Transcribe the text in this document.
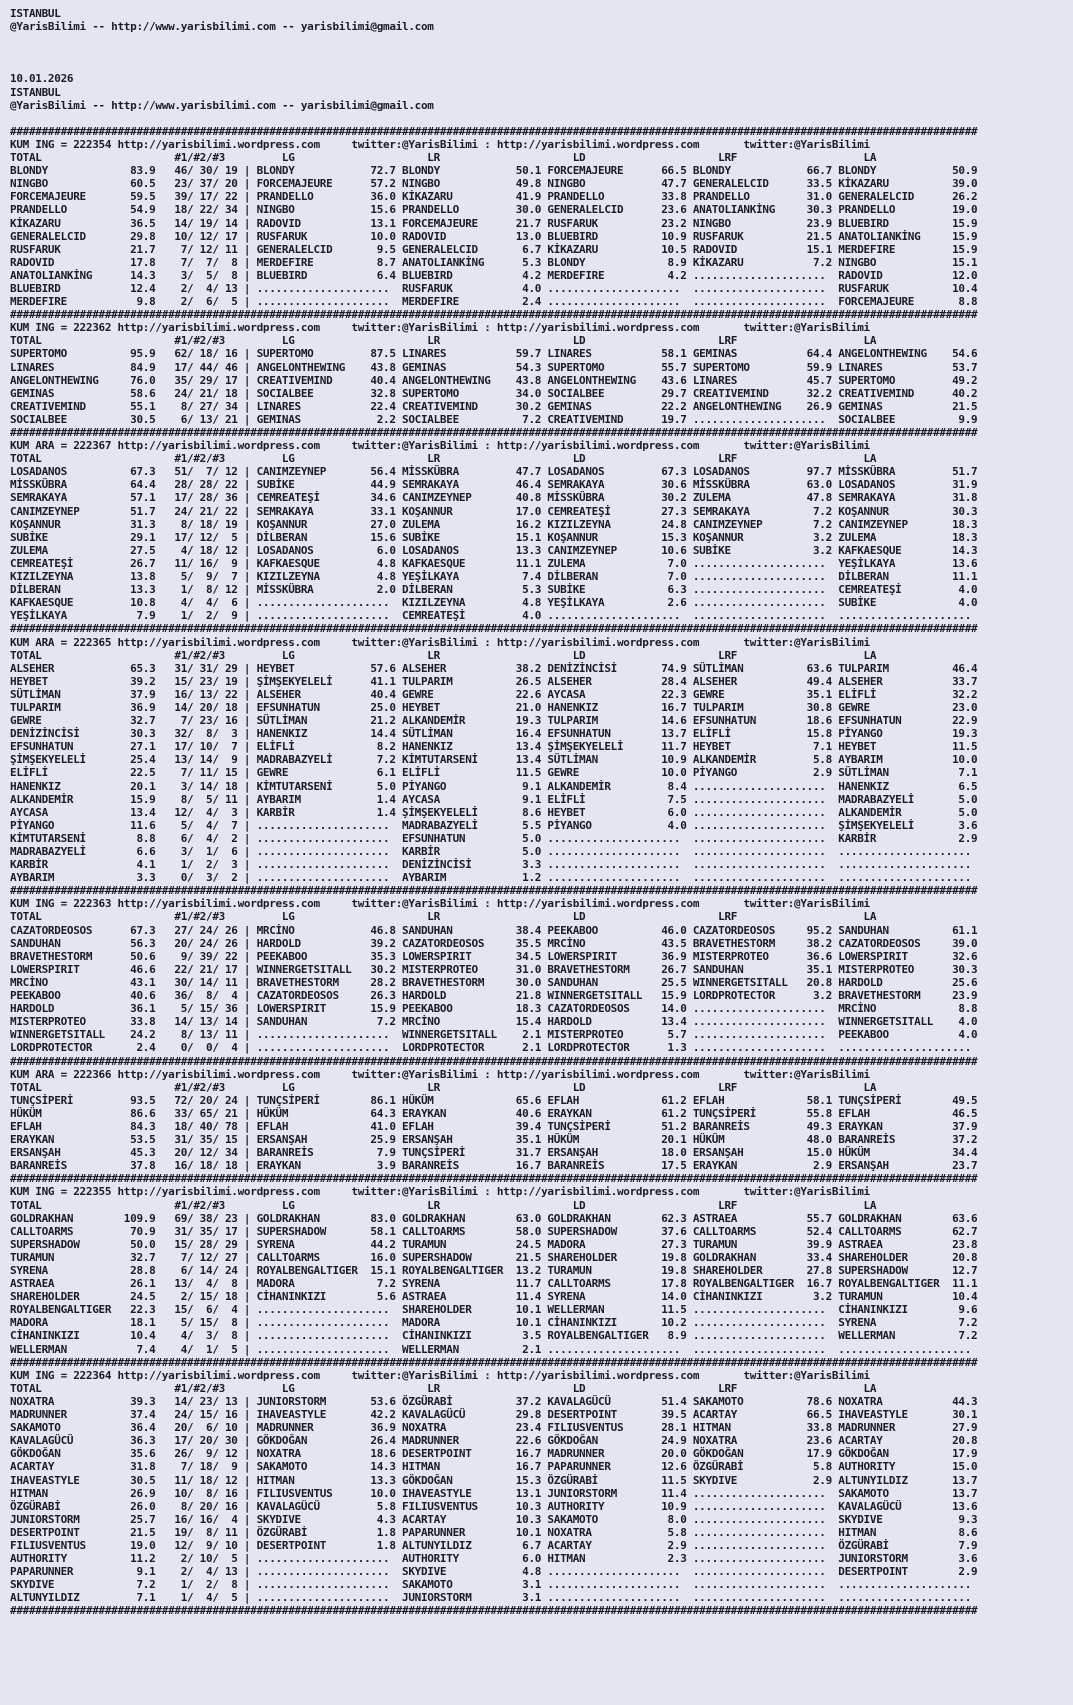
ISTANBUL
@YarisBilimi -- http://www.yarisbilimi.com -- yarisbilimi@gmail.com
10.01.2026
ISTANBUL
@YarisBilimi -- http://www.yarisbilimi.com -- yarisbilimi@gmail.com
#########################################################################################################################################################
KUM ING = 222354 http://yarisbilimi.wordpress.com     twitter:@YarisBilimi : http://yarisbilimi.wordpress.com       twitter:@YarisBilimi
TOTAL                     #1/#2/#3         LG                     LR                     LD                     LRF                    LA
BLONDY             83.9   46/ 30/ 19 | BLONDY            72.7 BLONDY            50.1 FORCEMAJEURE      66.5 BLONDY            66.7 BLONDY            50.9
NINGBO             60.5   23/ 37/ 20 | FORCEMAJEURE      57.2 NINGBO            49.8 NINGBO            47.7 GENERALELCID      33.5 KİKAZARU          39.0
FORCEMAJEURE       59.5   39/ 17/ 22 | PRANDELLO         36.0 KİKAZARU          41.9 PRANDELLO         33.8 PRANDELLO         31.0 GENERALELCID      26.2
PRANDELLO          54.9   18/ 22/ 34 | NINGBO            15.6 PRANDELLO         30.0 GENERALELCID      23.6 ANATOLIANKİNG     30.3 PRANDELLO         19.0
KİKAZARU           36.5   14/ 19/ 14 | RADOVID           13.1 FORCEMAJEURE      21.7 RUSFARUK          23.2 NINGBO            23.9 BLUEBIRD          15.9
GENERALELCID       29.8   10/ 12/ 17 | RUSFARUK          10.0 RADOVID           13.0 BLUEBIRD          10.9 RUSFARUK          21.5 ANATOLIANKİNG     15.9
RUSFARUK           21.7    7/ 12/ 11 | GENERALELCID       9.5 GENERALELCID       6.7 KİKAZARU          10.5 RADOVID           15.1 MERDEFIRE         15.9
RADOVID            17.8    7/  7/  8 | MERDEFIRE          8.7 ANATOLIANKİNG      5.3 BLONDY             8.9 KİKAZARU           7.2 NINGBO            15.1
ANATOLIANKİNG      14.3    3/  5/  8 | BLUEBIRD           6.4 BLUEBIRD           4.2 MERDEFIRE          4.2 .....................  RADOVID           12.0
BLUEBIRD           12.4    2/  4/ 13 | .....................  RUSFARUK           4.0 .....................  .....................  RUSFARUK          10.4
MERDEFIRE           9.8    2/  6/  5 | .....................  MERDEFIRE          2.4 .....................  .....................  FORCEMAJEURE       8.8
#########################################################################################################################################################
KUM ING = 222362 http://yarisbilimi.wordpress.com     twitter:@YarisBilimi : http://yarisbilimi.wordpress.com       twitter:@YarisBilimi
TOTAL                     #1/#2/#3         LG                     LR                     LD                     LRF                    LA
SUPERTOMO          95.9   62/ 18/ 16 | SUPERTOMO         87.5 LINARES           59.7 LINARES           58.1 GEMINAS           64.4 ANGELONTHEWING    54.6
LINARES            84.9   17/ 44/ 46 | ANGELONTHEWING    43.8 GEMINAS           54.3 SUPERTOMO         55.7 SUPERTOMO         59.9 LINARES           53.7
ANGELONTHEWING     76.0   35/ 29/ 17 | CREATIVEMIND      40.4 ANGELONTHEWING    43.8 ANGELONTHEWING    43.6 LINARES           45.7 SUPERTOMO         49.2
GEMINAS            58.6   24/ 21/ 18 | SOCIALBEE         32.8 SUPERTOMO         34.0 SOCIALBEE         29.7 CREATIVEMIND      32.2 CREATIVEMIND      40.2
CREATIVEMIND       55.1    8/ 27/ 34 | LINARES           22.4 CREATIVEMIND      30.2 GEMINAS           22.2 ANGELONTHEWING    26.9 GEMINAS           21.5
SOCIALBEE          30.5    6/ 13/ 21 | GEMINAS            2.2 SOCIALBEE          7.2 CREATIVEMIND      19.7 .....................  SOCIALBEE          9.9
#########################################################################################################################################################
KUM ARA = 222367 http://yarisbilimi.wordpress.com     twitter:@YarisBilimi : http://yarisbilimi.wordpress.com       twitter:@YarisBilimi
TOTAL                     #1/#2/#3         LG                     LR                     LD                     LRF                    LA
LOSADANOS          67.3   51/  7/ 12 | CANIMZEYNEP       56.4 MİSSKÜBRA         47.7 LOSADANOS         67.3 LOSADANOS         97.7 MİSSKÜBRA         51.7
MİSSKÜBRA          64.4   28/ 28/ 22 | SUBİKE            44.9 SEMRAKAYA         46.4 SEMRAKAYA         30.6 MİSSKÜBRA         63.0 LOSADANOS         31.9
SEMRAKAYA          57.1   17/ 28/ 36 | CEMREATEŞİ        34.6 CANIMZEYNEP       40.8 MİSSKÜBRA         30.2 ZULEMA            47.8 SEMRAKAYA         31.8
CANIMZEYNEP        51.7   24/ 21/ 22 | SEMRAKAYA         33.1 KOŞANNUR          17.0 CEMREATEŞİ        27.3 SEMRAKAYA          7.2 KOŞANNUR          30.3
KOŞANNUR           31.3    8/ 18/ 19 | KOŞANNUR          27.0 ZULEMA            16.2 KIZILZEYNA        24.8 CANIMZEYNEP        7.2 CANIMZEYNEP       18.3
SUBİKE             29.1   17/ 12/  5 | DİLBERAN          15.6 SUBİKE            15.1 KOŞANNUR          15.3 KOŞANNUR           3.2 ZULEMA            18.3
ZULEMA             27.5    4/ 18/ 12 | LOSADANOS          6.0 LOSADANOS         13.3 CANIMZEYNEP       10.6 SUBİKE             3.2 KAFKAESQUE        14.3
CEMREATEŞİ         26.7   11/ 16/  9 | KAFKAESQUE         4.8 KAFKAESQUE        11.1 ZULEMA             7.0 .....................  YEŞİLKAYA         13.6
KIZILZEYNA         13.8    5/  9/  7 | KIZILZEYNA         4.8 YEŞİLKAYA          7.4 DİLBERAN           7.0 .....................  DİLBERAN          11.1
DİLBERAN           13.3    1/  8/ 12 | MİSSKÜBRA          2.0 DİLBERAN           5.3 SUBİKE             6.3 .....................  CEMREATEŞİ         4.0
KAFKAESQUE         10.8    4/  4/  6 | .....................  KIZILZEYNA         4.8 YEŞİLKAYA          2.6 .....................  SUBİKE             4.0
YEŞİLKAYA           7.9    1/  2/  9 | .....................  CEMREATEŞİ         4.0 .....................  .....................  .....................
#########################################################################################################################################################
KUM ARA = 222365 http://yarisbilimi.wordpress.com     twitter:@YarisBilimi : http://yarisbilimi.wordpress.com       twitter:@YarisBilimi
TOTAL                     #1/#2/#3         LG                     LR                     LD                     LRF                    LA
ALSEHER            65.3   31/ 31/ 29 | HEYBET            57.6 ALSEHER           38.2 DENİZİNCİSİ       74.9 SÜTLİMAN          63.6 TULPARIM          46.4
HEYBET             39.2   15/ 23/ 19 | ŞİMŞEKYELELİ      41.1 TULPARIM          26.5 ALSEHER           28.4 ALSEHER           49.4 ALSEHER           33.7
SÜTLİMAN           37.9   16/ 13/ 22 | ALSEHER           40.4 GEWRE             22.6 AYCASA            22.3 GEWRE             35.1 ELİFLİ            32.2
TULPARIM           36.9   14/ 20/ 18 | EFSUNHATUN        25.0 HEYBET            21.0 HANENKIZ          16.7 TULPARIM          30.8 GEWRE             23.0
GEWRE              32.7    7/ 23/ 16 | SÜTLİMAN          21.2 ALKANDEMİR        19.3 TULPARIM          14.6 EFSUNHATUN        18.6 EFSUNHATUN        22.9
DENİZİNCİSİ        30.3   32/  8/  3 | HANENKIZ          14.4 SÜTLİMAN          16.4 EFSUNHATUN        13.7 ELİFLİ            15.8 PİYANGO           19.3
EFSUNHATUN         27.1   17/ 10/  7 | ELİFLİ             8.2 HANENKIZ          13.4 ŞİMŞEKYELELİ      11.7 HEYBET             7.1 HEYBET            11.5
ŞİMŞEKYELELİ       25.4   13/ 14/  9 | MADRABAZYELİ       7.2 KİMTUTARSENİ      13.4 SÜTLİMAN          10.9 ALKANDEMİR         5.8 AYBARIM           10.0
ELİFLİ             22.5    7/ 11/ 15 | GEWRE              6.1 ELİFLİ            11.5 GEWRE             10.0 PİYANGO            2.9 SÜTLİMAN           7.1
HANENKIZ           20.1    3/ 14/ 18 | KİMTUTARSENİ       5.0 PİYANGO            9.1 ALKANDEMİR         8.4 .....................  HANENKIZ           6.5
ALKANDEMİR         15.9    8/  5/ 11 | AYBARIM            1.4 AYCASA             9.1 ELİFLİ             7.5 .....................  MADRABAZYELİ       5.0
AYCASA             13.4   12/  4/  3 | KARBİR             1.4 ŞİMŞEKYELELİ       8.6 HEYBET             6.0 .....................  ALKANDEMİR         5.0
PİYANGO            11.6    5/  4/  7 | .....................  MADRABAZYELİ       5.5 PİYANGO            4.0 .....................  ŞİMŞEKYELELİ       3.6
KİMTUTARSENİ        8.8    6/  4/  2 | .....................  EFSUNHATUN         5.0 .....................  .....................  KARBİR             2.9
MADRABAZYELİ        6.6    3/  1/  6 | .....................  KARBİR             5.0 .....................  .....................  .....................
KARBİR              4.1    1/  2/  3 | .....................  DENİZİNCİSİ        3.3 .....................  .....................  .....................
AYBARIM             3.3    0/  3/  2 | .....................  AYBARIM            1.2 .....................  .....................  .....................
#########################################################################################################################################################
KUM ING = 222363 http://yarisbilimi.wordpress.com     twitter:@YarisBilimi : http://yarisbilimi.wordpress.com       twitter:@YarisBilimi
TOTAL                     #1/#2/#3         LG                     LR                     LD                     LRF                    LA
CAZATORDEOSOS      67.3   27/ 24/ 26 | MRCİNO            46.8 SANDUHAN          38.4 PEEKABOO          46.0 CAZATORDEOSOS     95.2 SANDUHAN          61.1
SANDUHAN           56.3   20/ 24/ 26 | HARDOLD           39.2 CAZATORDEOSOS     35.5 MRCİNO            43.5 BRAVETHESTORM     38.2 CAZATORDEOSOS     39.0
BRAVETHESTORM      50.6    9/ 39/ 22 | PEEKABOO          35.3 LOWERSPIRIT       34.5 LOWERSPIRIT       36.9 MISTERPROTEO      36.6 LOWERSPIRIT       32.6
LOWERSPIRIT        46.6   22/ 21/ 17 | WINNERGETSITALL   30.2 MISTERPROTEO      31.0 BRAVETHESTORM     26.7 SANDUHAN          35.1 MISTERPROTEO      30.3
MRCİNO             43.1   30/ 14/ 11 | BRAVETHESTORM     28.2 BRAVETHESTORM     30.0 SANDUHAN          25.5 WINNERGETSITALL   20.8 HARDOLD           25.6
PEEKABOO           40.6   36/  8/  4 | CAZATORDEOSOS     26.3 HARDOLD           21.8 WINNERGETSITALL   15.9 LORDPROTECTOR      3.2 BRAVETHESTORM     23.9
HARDOLD            36.1    5/ 15/ 36 | LOWERSPIRIT       15.9 PEEKABOO          18.3 CAZATORDEOSOS     14.0 .....................  MRCİNO             8.8
MISTERPROTEO       33.8   14/ 13/ 14 | SANDUHAN           7.2 MRCİNO            15.4 HARDOLD           13.4 .....................  WINNERGETSITALL    4.0
WINNERGETSITALL    24.2    8/ 13/ 11 | .....................  WINNERGETSITALL    2.1 MISTERPROTEO       5.7 .....................  PEEKABOO           4.0
LORDPROTECTOR       2.4    0/  0/  4 | .....................  LORDPROTECTOR      2.1 LORDPROTECTOR      1.3 .....................  .....................
#########################################################################################################################################################
KUM ARA = 222366 http://yarisbilimi.wordpress.com     twitter:@YarisBilimi : http://yarisbilimi.wordpress.com       twitter:@YarisBilimi
TOTAL                     #1/#2/#3         LG                     LR                     LD                     LRF                    LA
TUNÇSİPERİ         93.5   72/ 20/ 24 | TUNÇSİPERİ        86.1 HÜKÜM             65.6 EFLAH             61.2 EFLAH             58.1 TUNÇSİPERİ        49.5
HÜKÜM              86.6   33/ 65/ 21 | HÜKÜM             64.3 ERAYKAN           40.6 ERAYKAN           61.2 TUNÇSİPERİ        55.8 EFLAH             46.5
EFLAH              84.3   18/ 40/ 78 | EFLAH             41.0 EFLAH             39.4 TUNÇSİPERİ        51.2 BARANREİS         49.3 ERAYKAN           37.9
ERAYKAN            53.5   31/ 35/ 15 | ERSANŞAH          25.9 ERSANŞAH          35.1 HÜKÜM             20.1 HÜKÜM             48.0 BARANREİS         37.2
ERSANŞAH           45.3   20/ 12/ 34 | BARANREİS          7.9 TUNÇSİPERİ        31.7 ERSANŞAH          18.0 ERSANŞAH          15.0 HÜKÜM             34.4
BARANREİS          37.8   16/ 18/ 18 | ERAYKAN            3.9 BARANREİS         16.7 BARANREİS         17.5 ERAYKAN            2.9 ERSANŞAH          23.7
#########################################################################################################################################################
KUM ING = 222355 http://yarisbilimi.wordpress.com     twitter:@YarisBilimi : http://yarisbilimi.wordpress.com       twitter:@YarisBilimi
TOTAL                     #1/#2/#3         LG                     LR                     LD                     LRF                    LA
GOLDRAKHAN        109.9   69/ 38/ 23 | GOLDRAKHAN        83.0 GOLDRAKHAN        63.0 GOLDRAKHAN        62.3 ASTRAEA           55.7 GOLDRAKHAN        63.6
CALLTOARMS         70.9   31/ 35/ 17 | SUPERSHADOW       58.1 CALLTOARMS        58.0 SUPERSHADOW       37.6 CALLTOARMS        52.4 CALLTOARMS        62.7
SUPERSHADOW        50.0   15/ 28/ 29 | SYRENA            44.2 TURAMUN           24.5 MADORA            27.3 TURAMUN           39.9 ASTRAEA           23.8
TURAMUN            32.7    7/ 12/ 27 | CALLTOARMS        16.0 SUPERSHADOW       21.5 SHAREHOLDER       19.8 GOLDRAKHAN        33.4 SHAREHOLDER       20.8
SYRENA             28.8    6/ 14/ 24 | ROYALBENGALTIGER  15.1 ROYALBENGALTIGER  13.2 TURAMUN           19.8 SHAREHOLDER       27.8 SUPERSHADOW       12.7
ASTRAEA            26.1   13/  4/  8 | MADORA             7.2 SYRENA            11.7 CALLTOARMS        17.8 ROYALBENGALTIGER  16.7 ROYALBENGALTIGER  11.1
SHAREHOLDER        24.5    2/ 15/ 18 | CİHANINKIZI        5.6 ASTRAEA           11.4 SYRENA            14.0 CİHANINKIZI        3.2 TURAMUN           10.4
ROYALBENGALTIGER   22.3   15/  6/  4 | .....................  SHAREHOLDER       10.1 WELLERMAN         11.5 .....................  CİHANINKIZI        9.6
MADORA             18.1    5/ 15/  8 | .....................  MADORA            10.1 CİHANINKIZI       10.2 .....................  SYRENA             7.2
CİHANINKIZI        10.4    4/  3/  8 | .....................  CİHANINKIZI        3.5 ROYALBENGALTIGER   8.9 .....................  WELLERMAN          7.2
WELLERMAN           7.4    4/  1/  5 | .....................  WELLERMAN          2.1 .....................  .....................  .....................
#########################################################################################################################################################
KUM ING = 222364 http://yarisbilimi.wordpress.com     twitter:@YarisBilimi : http://yarisbilimi.wordpress.com       twitter:@YarisBilimi
TOTAL                     #1/#2/#3         LG                     LR                     LD                     LRF                    LA
NOXATRA            39.3   14/ 23/ 13 | JUNIORSTORM       53.6 ÖZGÜRABİ          37.2 KAVALAGÜCÜ        51.4 SAKAMOTO          78.6 NOXATRA           44.3
MADRUNNER          37.4   24/ 15/ 16 | IHAVEASTYLE       42.2 KAVALAGÜCÜ        29.8 DESERTPOINT       39.5 ACARTAY           66.5 IHAVEASTYLE       30.1
SAKAMOTO           36.4   20/  6/ 10 | MADRUNNER         36.9 NOXATRA           23.4 FILIUSVENTUS      28.1 HITMAN            33.8 MADRUNNER         27.9
KAVALAGÜCÜ         36.3   17/ 20/ 30 | GÖKDOĞAN          26.4 MADRUNNER         22.6 GÖKDOĞAN          24.9 NOXATRA           23.6 ACARTAY           20.8
GÖKDOĞAN           35.6   26/  9/ 12 | NOXATRA           18.6 DESERTPOINT       16.7 MADRUNNER         20.0 GÖKDOĞAN          17.9 GÖKDOĞAN          17.9
ACARTAY            31.8    7/ 18/  9 | SAKAMOTO          14.3 HITMAN            16.7 PAPARUNNER        12.6 ÖZGÜRABİ           5.8 AUTHORITY         15.0
IHAVEASTYLE        30.5   11/ 18/ 12 | HITMAN            13.3 GÖKDOĞAN          15.3 ÖZGÜRABİ          11.5 SKYDIVE            2.9 ALTUNYILDIZ       13.7
HITMAN             26.9   10/  8/ 16 | FILIUSVENTUS      10.0 IHAVEASTYLE       13.1 JUNIORSTORM       11.4 .....................  SAKAMOTO          13.7
ÖZGÜRABİ           26.0    8/ 20/ 16 | KAVALAGÜCÜ         5.8 FILIUSVENTUS      10.3 AUTHORITY         10.9 .....................  KAVALAGÜCÜ        13.6
JUNIORSTORM        25.7   16/ 16/  4 | SKYDIVE            4.3 ACARTAY           10.3 SAKAMOTO           8.0 .....................  SKYDIVE            9.3
DESERTPOINT        21.5   19/  8/ 11 | ÖZGÜRABİ           1.8 PAPARUNNER        10.1 NOXATRA            5.8 .....................  HITMAN             8.6
FILIUSVENTUS       19.0   12/  9/ 10 | DESERTPOINT        1.8 ALTUNYILDIZ        6.7 ACARTAY            2.9 .....................  ÖZGÜRABİ           7.9
AUTHORITY          11.2    2/ 10/  5 | .....................  AUTHORITY          6.0 HITMAN             2.3 .....................  JUNIORSTORM        3.6
PAPARUNNER          9.1    2/  4/ 13 | .....................  SKYDIVE            4.8 .....................  .....................  DESERTPOINT        2.9
SKYDIVE             7.2    1/  2/  8 | .....................  SAKAMOTO           3.1 .....................  .....................  .....................
ALTUNYILDIZ         7.1    1/  4/  5 | .....................  JUNIORSTORM        3.1 .....................  .....................  .....................
#########################################################################################################################################################
